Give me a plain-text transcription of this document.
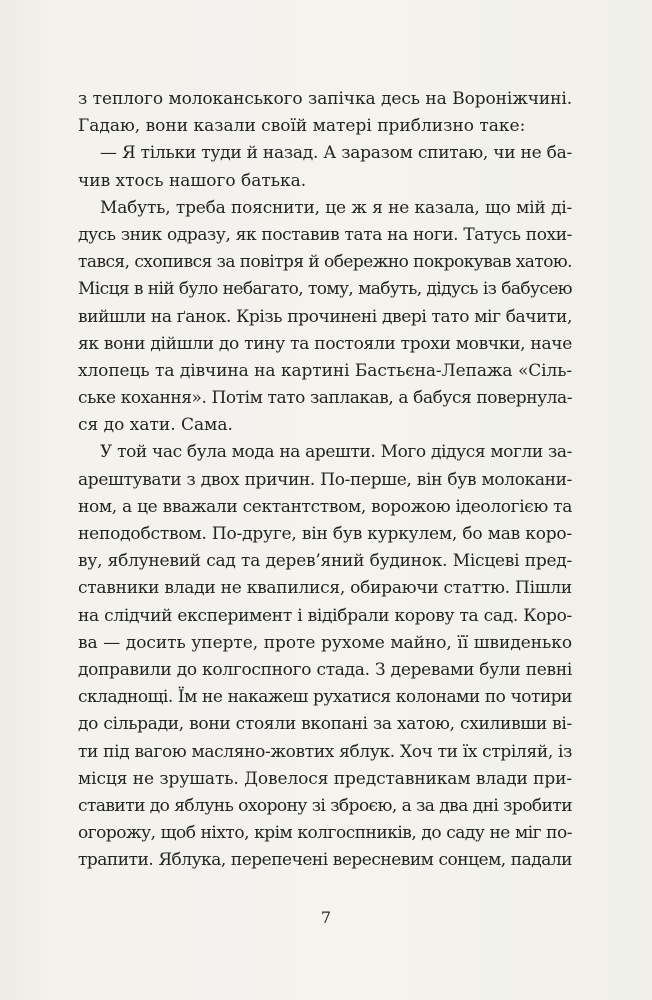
з теплого молоканського запічка десь на Вороніжчині.
Гадаю, вони казали своїй матері приблизно таке:
— Я тільки туди й назад. А заразом спитаю, чи не ба-
чив хтось нашого батька.
Мабуть, треба пояснити, це ж я не казала, що мій ді-
дусь зник одразу, як поставив тата на ноги. Татусь похи-
тався, схопився за повітря й обережно покрокував хатою.
Місця в ній було небагато, тому, мабуть, дідусь із бабусею
вийшли на ґанок. Крізь прочинені двері тато міг бачити,
як вони дійшли до тину та постояли трохи мовчки, наче
хлопець та дівчина на картині Бастьєна-Лепажа «Сіль-
ське кохання». Потім тато заплакав, а бабуся повернула-
ся до хати. Сама.
У той час була мода на арешти. Мого дідуся могли за-
арештувати з двох причин. По-перше, він був молокани-
ном, а це вважали сектантством, ворожою ідеологією та
неподобством. По-друге, він був куркулем, бо мав коро-
ву, яблуневий сад та дерев’яний будинок. Місцеві пред-
ставники влади не квапилися, обираючи статтю. Пішли
на слідчий експеримент і відібрали корову та сад. Коро-
ва — досить уперте, проте рухоме майно, її швиденько
доправили до колгоспного стада. З деревами були певні
складнощі. Їм не накажеш рухатися колонами по чотири
до сільради, вони стояли вкопані за хатою, схиливши ві-
ти під вагою масляно-жовтих яблук. Хоч ти їх стріляй, із
місця не зрушать. Довелося представникам влади при-
ставити до яблунь охорону зі зброєю, а за два дні зробити
огорожу, щоб ніхто, крім колгоспників, до саду не міг по-
трапити. Яблука, перепечені вересневим сонцем, падали
7
